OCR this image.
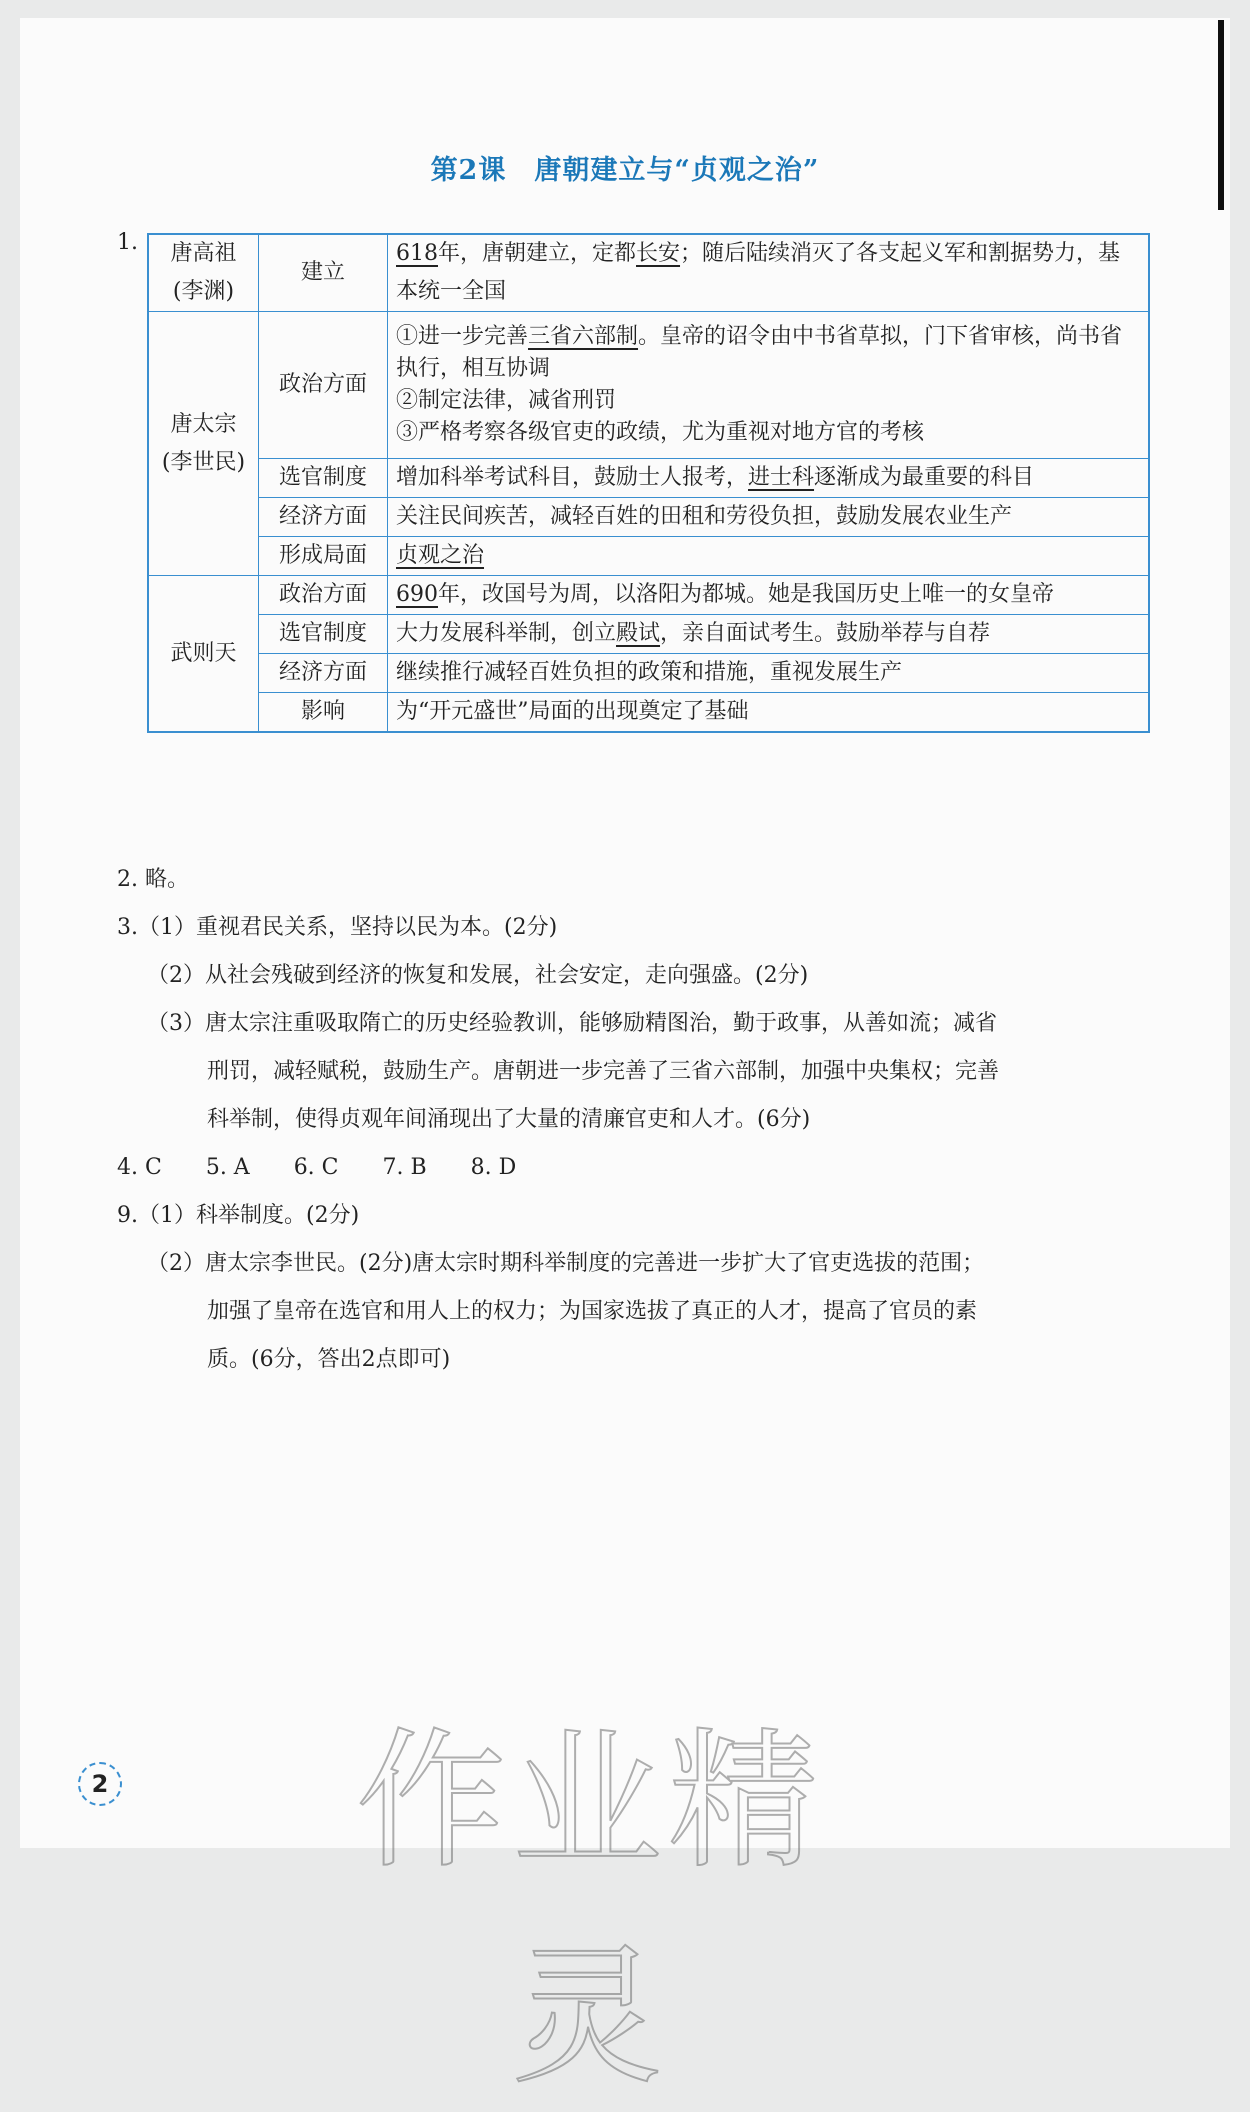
第2课　唐朝建立与“贞观之治”
1. 唐高祖
(李渊)	建立	618年，唐朝建立，定都长安；随后陆续消灭了各支起义军和割据势力，基本统一全国
唐太宗
(李世民)	政治方面	①进一步完善三省六部制。皇帝的诏令由中书省草拟，门下省审核，尚书省执行，相互协调
②制定法律，减省刑罚
③严格考察各级官吏的政绩，尤为重视对地方官的考核
	选官制度	增加科举考试科目，鼓励士人报考，进士科逐渐成为最重要的科目
	经济方面	关注民间疾苦，减轻百姓的田租和劳役负担，鼓励发展农业生产
	形成局面	贞观之治
武则天	政治方面	690年，改国号为周，以洛阳为都城。她是我国历史上唯一的女皇帝
	选官制度	大力发展科举制，创立殿试，亲自面试考生。鼓励举荐与自荐
	经济方面	继续推行减轻百姓负担的政策和措施，重视发展生产
	影响	为“开元盛世”局面的出现奠定了基础
2. 略。
3.（1）重视君民关系，坚持以民为本。(2分)
（2）从社会残破到经济的恢复和发展，社会安定，走向强盛。(2分)
（3）唐太宗注重吸取隋亡的历史经验教训，能够励精图治，勤于政事，从善如流；减省
刑罚，减轻赋税，鼓励生产。唐朝进一步完善了三省六部制，加强中央集权；完善
科举制，使得贞观年间涌现出了大量的清廉官吏和人才。(6分)
4. C　　5. A　　6. C　　7. B　　8. D
9.（1）科举制度。(2分)
（2）唐太宗李世民。(2分)唐太宗时期科举制度的完善进一步扩大了官吏选拔的范围；
加强了皇帝在选官和用人上的权力；为国家选拔了真正的人才，提高了官员的素
质。(6分，答出2点即可)
作业精灵
2
